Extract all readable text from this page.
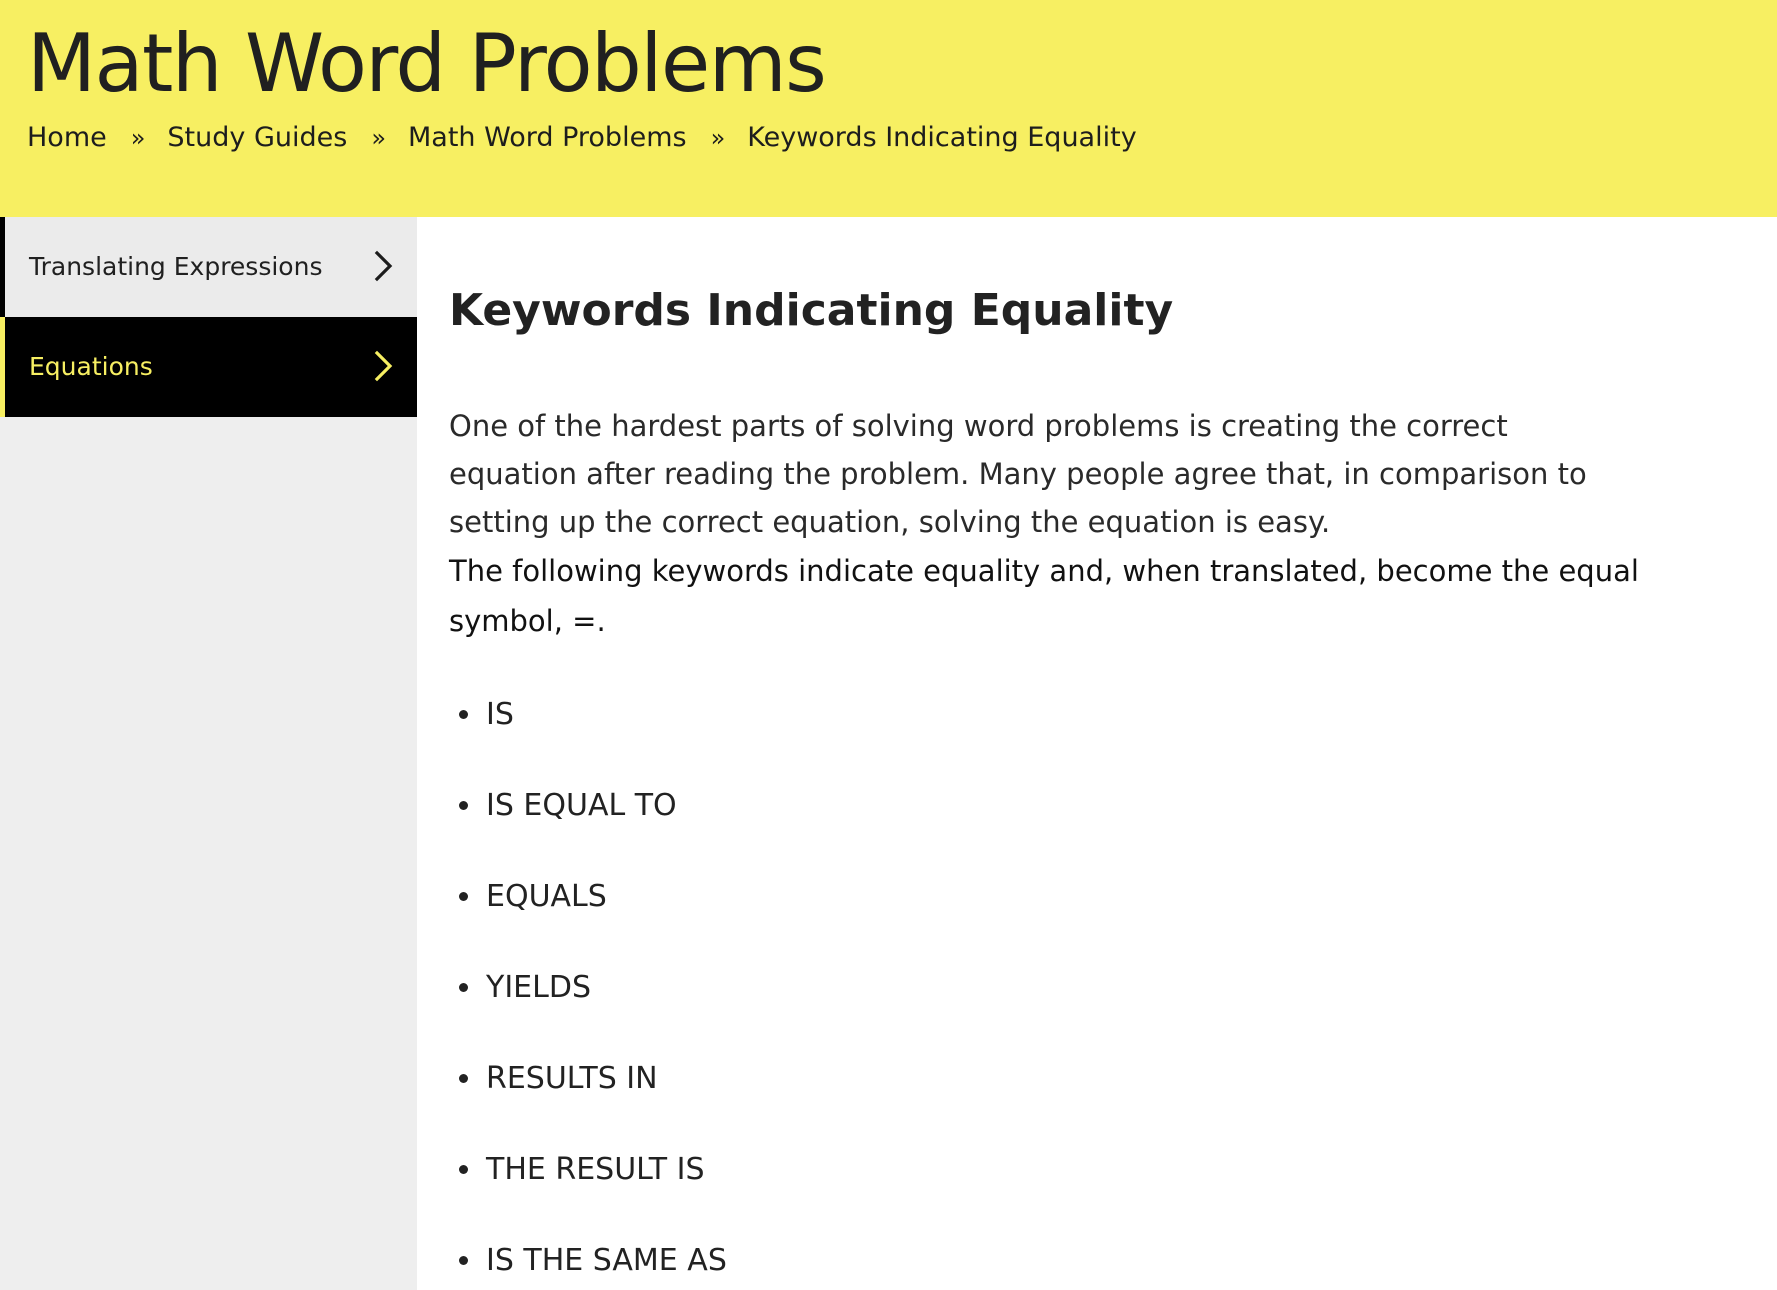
Math Word Problems
Home » Study Guides » Math Word Problems » Keywords Indicating Equality
Translating Expressions
Equations
Keywords Indicating Equality

One of the hardest parts of solving word problems is creating the correct equation after reading the problem. Many people agree that, in comparison to setting up the correct equation, solving the equation is easy.

The following keywords indicate equality and, when translated, become the equal symbol, =.

IS
IS EQUAL TO
EQUALS
YIELDS
RESULTS IN
THE RESULT IS
IS THE SAME AS
